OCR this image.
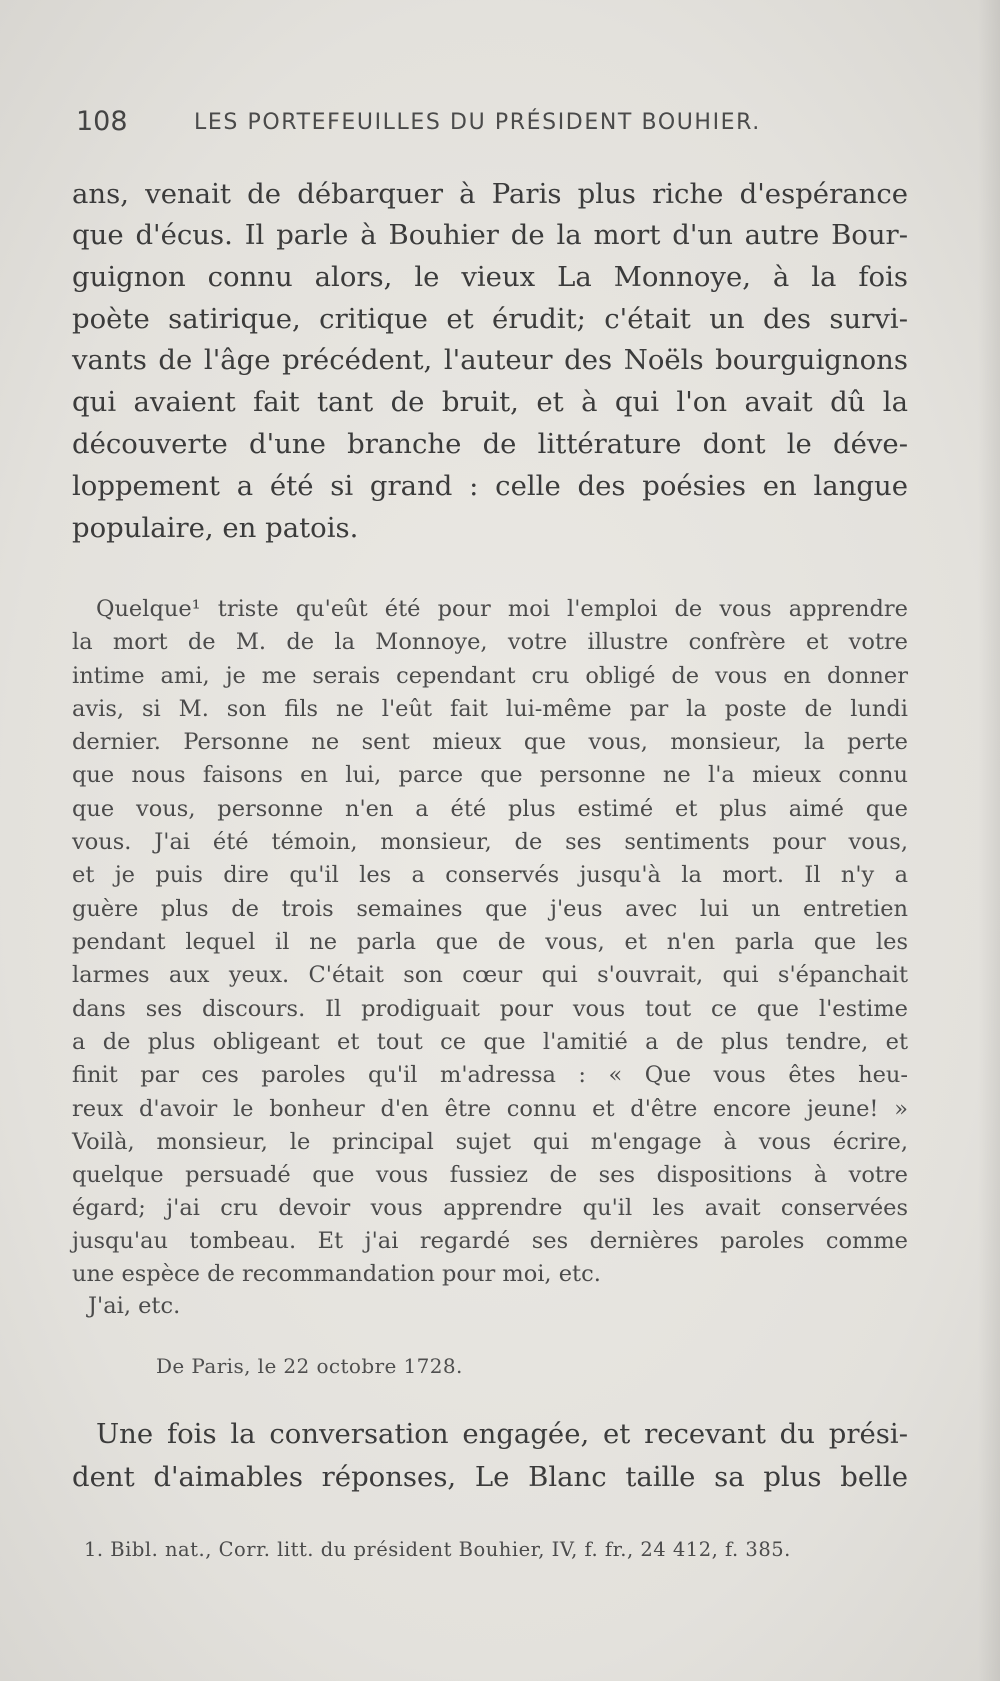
108	LES PORTEFEUILLES DU PRÉSIDENT BOUHIER.
ans, venait de débarquer à Paris plus riche d'espérance
que d'écus. Il parle à Bouhier de la mort d'un autre Bour-
guignon connu alors, le vieux La Monnoye, à la fois
poète satirique, critique et érudit; c'était un des survi-
vants de l'âge précédent, l'auteur des Noëls bourguignons
qui avaient fait tant de bruit, et à qui l'on avait dû la
découverte d'une branche de littérature dont le déve-
loppement a été si grand : celle des poésies en langue
populaire, en patois.
Quelque¹ triste qu'eût été pour moi l'emploi de vous apprendre
la mort de M. de la Monnoye, votre illustre confrère et votre
intime ami, je me serais cependant cru obligé de vous en donner
avis, si M. son fils ne l'eût fait lui-même par la poste de lundi
dernier. Personne ne sent mieux que vous, monsieur, la perte
que nous faisons en lui, parce que personne ne l'a mieux connu
que vous, personne n'en a été plus estimé et plus aimé que
vous. J'ai été témoin, monsieur, de ses sentiments pour vous,
et je puis dire qu'il les a conservés jusqu'à la mort. Il n'y a
guère plus de trois semaines que j'eus avec lui un entretien
pendant lequel il ne parla que de vous, et n'en parla que les
larmes aux yeux. C'était son cœur qui s'ouvrait, qui s'épanchait
dans ses discours. Il prodiguait pour vous tout ce que l'estime
a de plus obligeant et tout ce que l'amitié a de plus tendre, et
finit par ces paroles qu'il m'adressa : « Que vous êtes heu-
reux d'avoir le bonheur d'en être connu et d'être encore jeune! »
Voilà, monsieur, le principal sujet qui m'engage à vous écrire,
quelque persuadé que vous fussiez de ses dispositions à votre
égard; j'ai cru devoir vous apprendre qu'il les avait conservées
jusqu'au tombeau. Et j'ai regardé ses dernières paroles comme
une espèce de recommandation pour moi, etc.
J'ai, etc.
De Paris, le 22 octobre 1728.
Une fois la conversation engagée, et recevant du prési-
dent d'aimables réponses, Le Blanc taille sa plus belle
1. Bibl. nat., Corr. litt. du président Bouhier, IV, f. fr., 24 412, f. 385.
